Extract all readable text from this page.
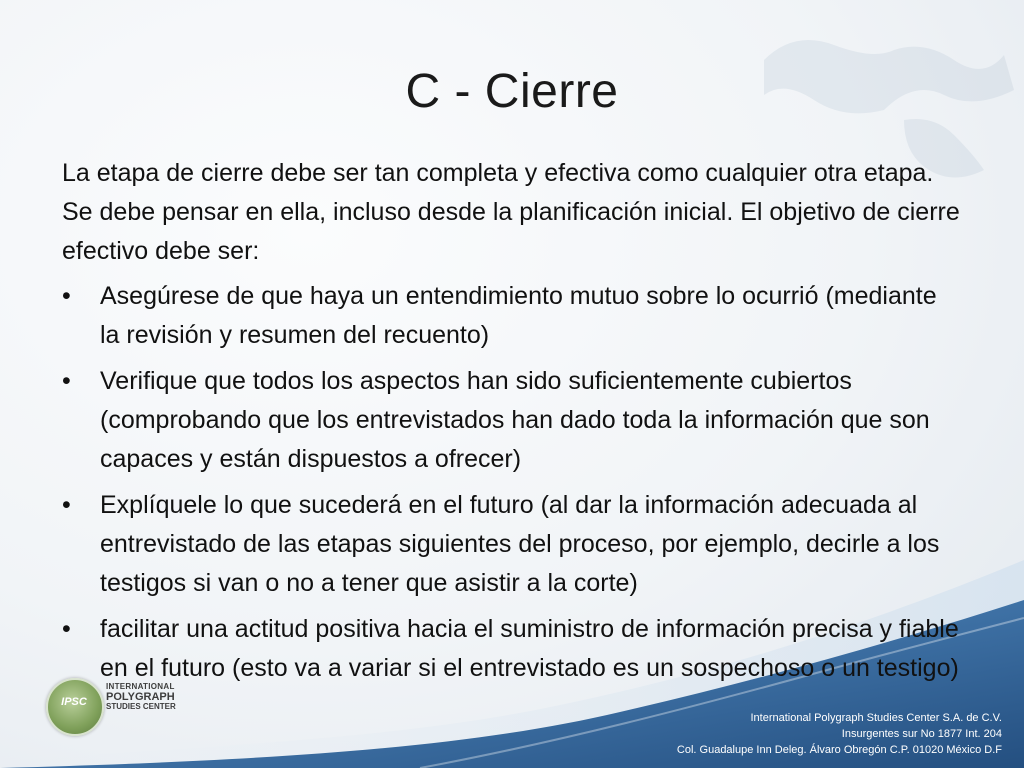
C - Cierre

La etapa de cierre debe ser tan completa y efectiva como cualquier otra etapa. Se debe pensar en ella, incluso desde la planificación inicial. El objetivo de cierre efectivo debe ser:

•	Asegúrese de que haya un entendimiento mutuo sobre lo ocurrió (mediante la revisión y resumen del recuento)
•	Verifique que todos los aspectos han sido suficientemente cubiertos (comprobando que los entrevistados han dado toda la información que son capaces y están dispuestos a ofrecer)
•	Explíquele lo que sucederá en el futuro (al dar la información adecuada al entrevistado de las etapas siguientes del proceso, por ejemplo, decirle a los testigos si van o no a tener que asistir a la corte)
•	facilitar una actitud positiva hacia el suministro de información precisa y fiable en el futuro (esto va a variar si el entrevistado es un sospechoso o un testigo)
IPSC
INTERNATIONAL
POLYGRAPH
STUDIES CENTER
International Polygraph Studies Center S.A. de C.V.
Insurgentes sur No 1877 Int. 204
Col. Guadalupe Inn Deleg. Álvaro Obregón C.P. 01020 México D.F
